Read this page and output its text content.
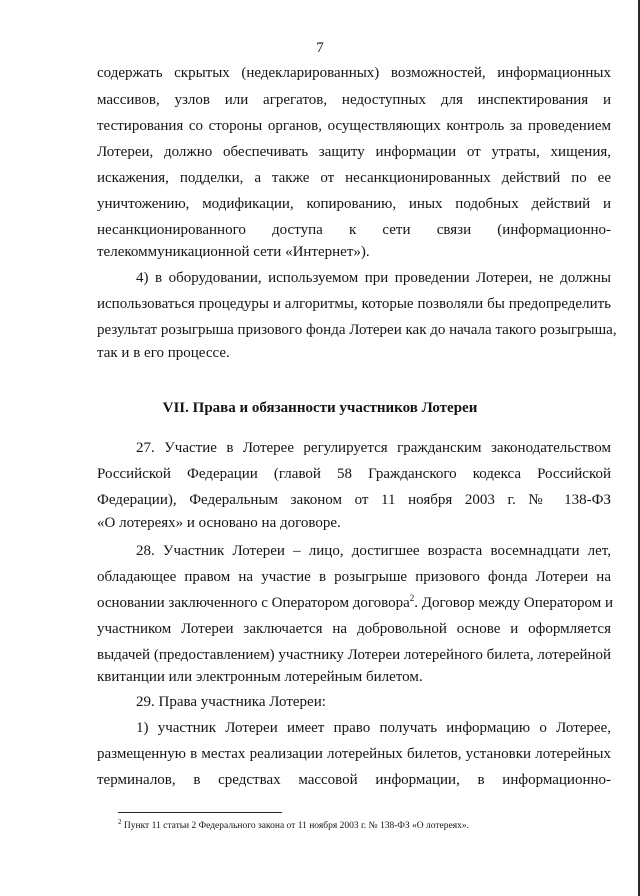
7
содержать скрытых (недекларированных) возможностей, информационных
массивов, узлов или агрегатов, недоступных для инспектирования и
тестирования со стороны органов, осуществляющих контроль за проведением
Лотереи, должно обеспечивать защиту информации от утраты, хищения,
искажения, подделки, а также от несанкционированных действий по ее
уничтожению, модификации, копированию, иных подобных действий и
несанкционированного доступа к сети связи (информационно-
телекоммуникационной сети «Интернет»).
4) в оборудовании, используемом при проведении Лотереи, не должны
использоваться процедуры и алгоритмы, которые позволяли бы предопределить
результат розыгрыша призового фонда Лотереи как до начала такого розыгрыша,
так и в его процессе.
VII. Права и обязанности участников Лотереи
27. Участие в Лотерее регулируется гражданским законодательством
Российской Федерации (главой 58 Гражданского кодекса Российской
Федерации), Федеральным законом от 11 ноября 2003 г. № 138-ФЗ
«О лотереях» и основано на договоре.
28. Участник Лотереи – лицо, достигшее возраста восемнадцати лет,
обладающее правом на участие в розыгрыше призового фонда Лотереи на
основании заключенного с Оператором договора$^2$. Договор между Оператором и
участником Лотереи заключается на добровольной основе и оформляется
выдачей (предоставлением) участнику Лотереи лотерейного билета, лотерейной
квитанции или электронным лотерейным билетом.
29. Права участника Лотереи:
1) участник Лотереи имеет право получать информацию о Лотерее,
размещенную в местах реализации лотерейных билетов, установки лотерейных
терминалов, в средствах массовой информации, в информационно-
$^2$ Пункт 11 статьи 2 Федерального закона от 11 ноября 2003 г. № 138-ФЗ «О лотереях».
